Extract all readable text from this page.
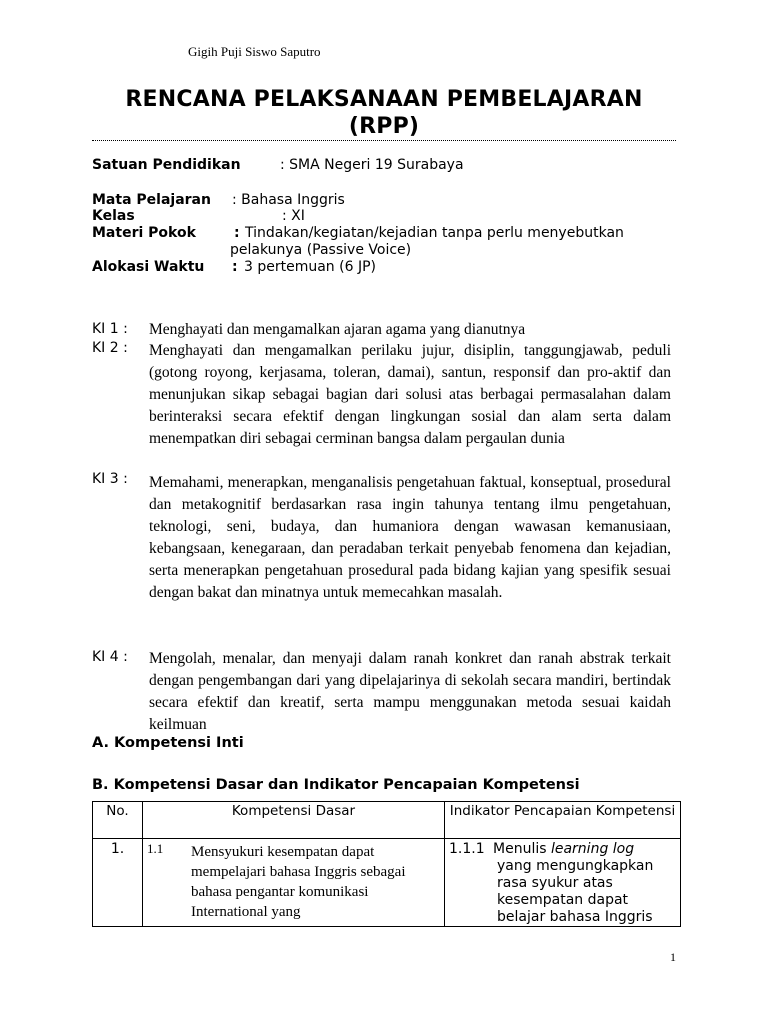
Gigih Puji Siswo Saputro
RENCANA PELAKSANAAN PEMBELAJARAN
(RPP)
Satuan Pendidikan	: SMA Negeri 19 Surabaya
Mata Pelajaran : Bahasa Inggris
Kelas	: XI
Materi Pokok	: Tindakan/kegiatan/kejadian tanpa perlu menyebutkan
pelakunya (Passive Voice)
Alokasi Waktu : 3 pertemuan (6 JP)
KI 1 : Menghayati dan mengamalkan ajaran agama yang dianutnya
KI 2 : Menghayati dan mengamalkan perilaku jujur, disiplin, tanggungjawab, peduli (gotong royong, kerjasama, toleran, damai), santun, responsif dan pro-aktif dan menunjukan sikap sebagai bagian dari solusi atas berbagai permasalahan dalam berinteraksi secara efektif dengan lingkungan sosial dan alam serta dalam menempatkan diri sebagai cerminan bangsa dalam pergaulan dunia
KI 3 : Memahami, menerapkan, menganalisis pengetahuan faktual, konseptual, prosedural dan metakognitif berdasarkan rasa ingin tahunya tentang ilmu pengetahuan, teknologi, seni, budaya, dan humaniora dengan wawasan kemanusiaan, kebangsaan, kenegaraan, dan peradaban terkait penyebab fenomena dan kejadian, serta menerapkan pengetahuan prosedural pada bidang kajian yang spesifik sesuai dengan bakat dan minatnya untuk memecahkan masalah.
KI 4 : Mengolah, menalar, dan menyaji dalam ranah konkret dan ranah abstrak terkait dengan pengembangan dari yang dipelajarinya di sekolah secara mandiri, bertindak secara efektif dan kreatif, serta mampu menggunakan metoda sesuai kaidah keilmuan
A. Kompetensi Inti
B. Kompetensi Dasar dan Indikator Pencapaian Kompetensi
No.	Kompetensi Dasar	Indikator Pencapaian Kompetensi
1.	1.1 Mensyukuri kesempatan dapat mempelajari bahasa Inggris sebagai bahasa pengantar komunikasi International yang	1.1.1 Menulis learning log
yang mengungkapkan rasa syukur atas kesempatan dapat belajar bahasa Inggris
1
